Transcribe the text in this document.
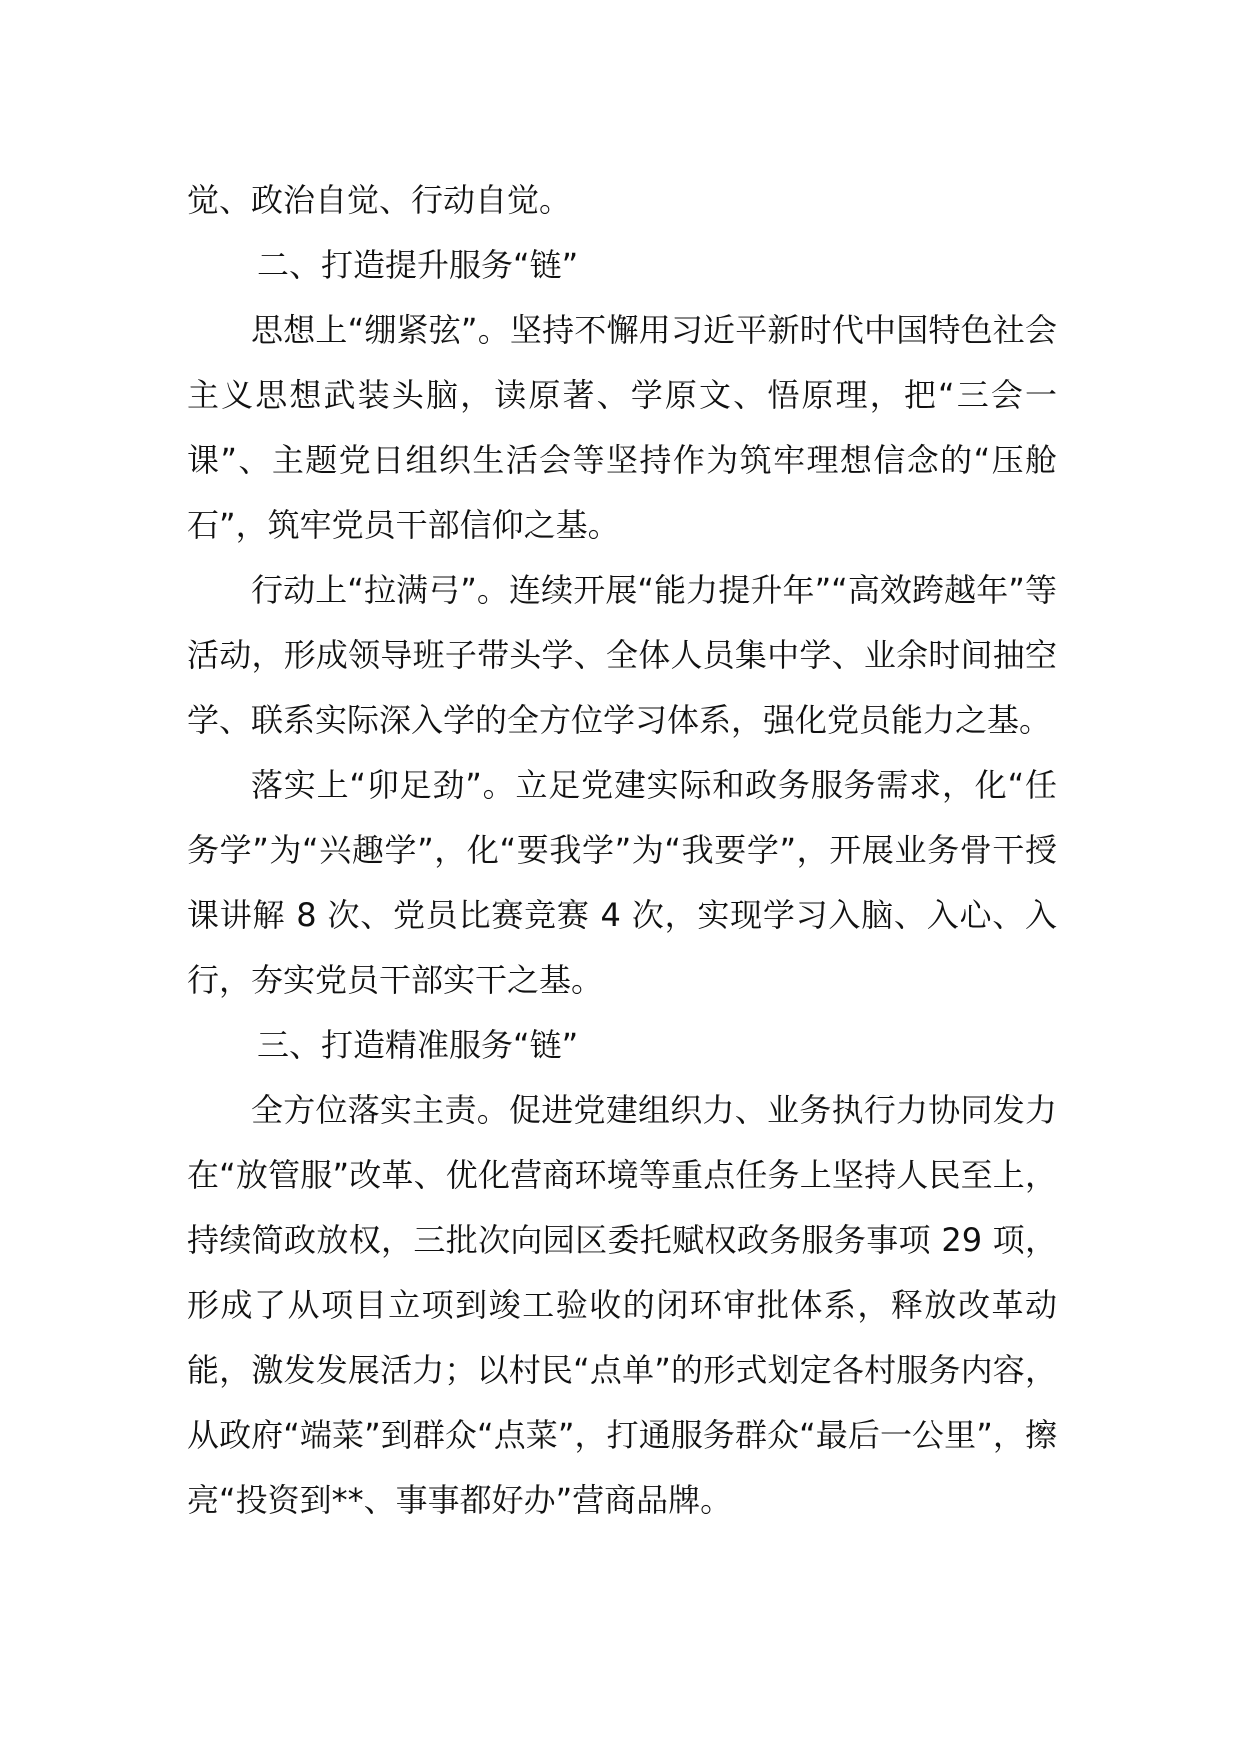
觉、政治自觉、行动自觉。

二、打造提升服务“链”

思想上“绷紧弦”。坚持不懈用习近平新时代中国特色社会主义思想武装头脑，读原著、学原文、悟原理，把“三会一课”、主题党日组织生活会等坚持作为筑牢理想信念的“压舱石”，筑牢党员干部信仰之基。

行动上“拉满弓”。连续开展“能力提升年”“高效跨越年”等活动，形成领导班子带头学、全体人员集中学、业余时间抽空学、联系实际深入学的全方位学习体系，强化党员能力之基。

落实上“卯足劲”。立足党建实际和政务服务需求，化“任务学”为“兴趣学”，化“要我学”为“我要学”，开展业务骨干授课讲解 8 次、党员比赛竞赛 4 次，实现学习入脑、入心、入行，夯实党员干部实干之基。

三、打造精准服务“链”

全方位落实主责。促进党建组织力、业务执行力协同发力在“放管服”改革、优化营商环境等重点任务上坚持人民至上，持续简政放权，三批次向园区委托赋权政务服务事项 29 项，形成了从项目立项到竣工验收的闭环审批体系，释放改革动能，激发发展活力；以村民“点单”的形式划定各村服务内容，从政府“端菜”到群众“点菜”，打通服务群众“最后一公里”，擦亮“投资到**、事事都好办”营商品牌。
